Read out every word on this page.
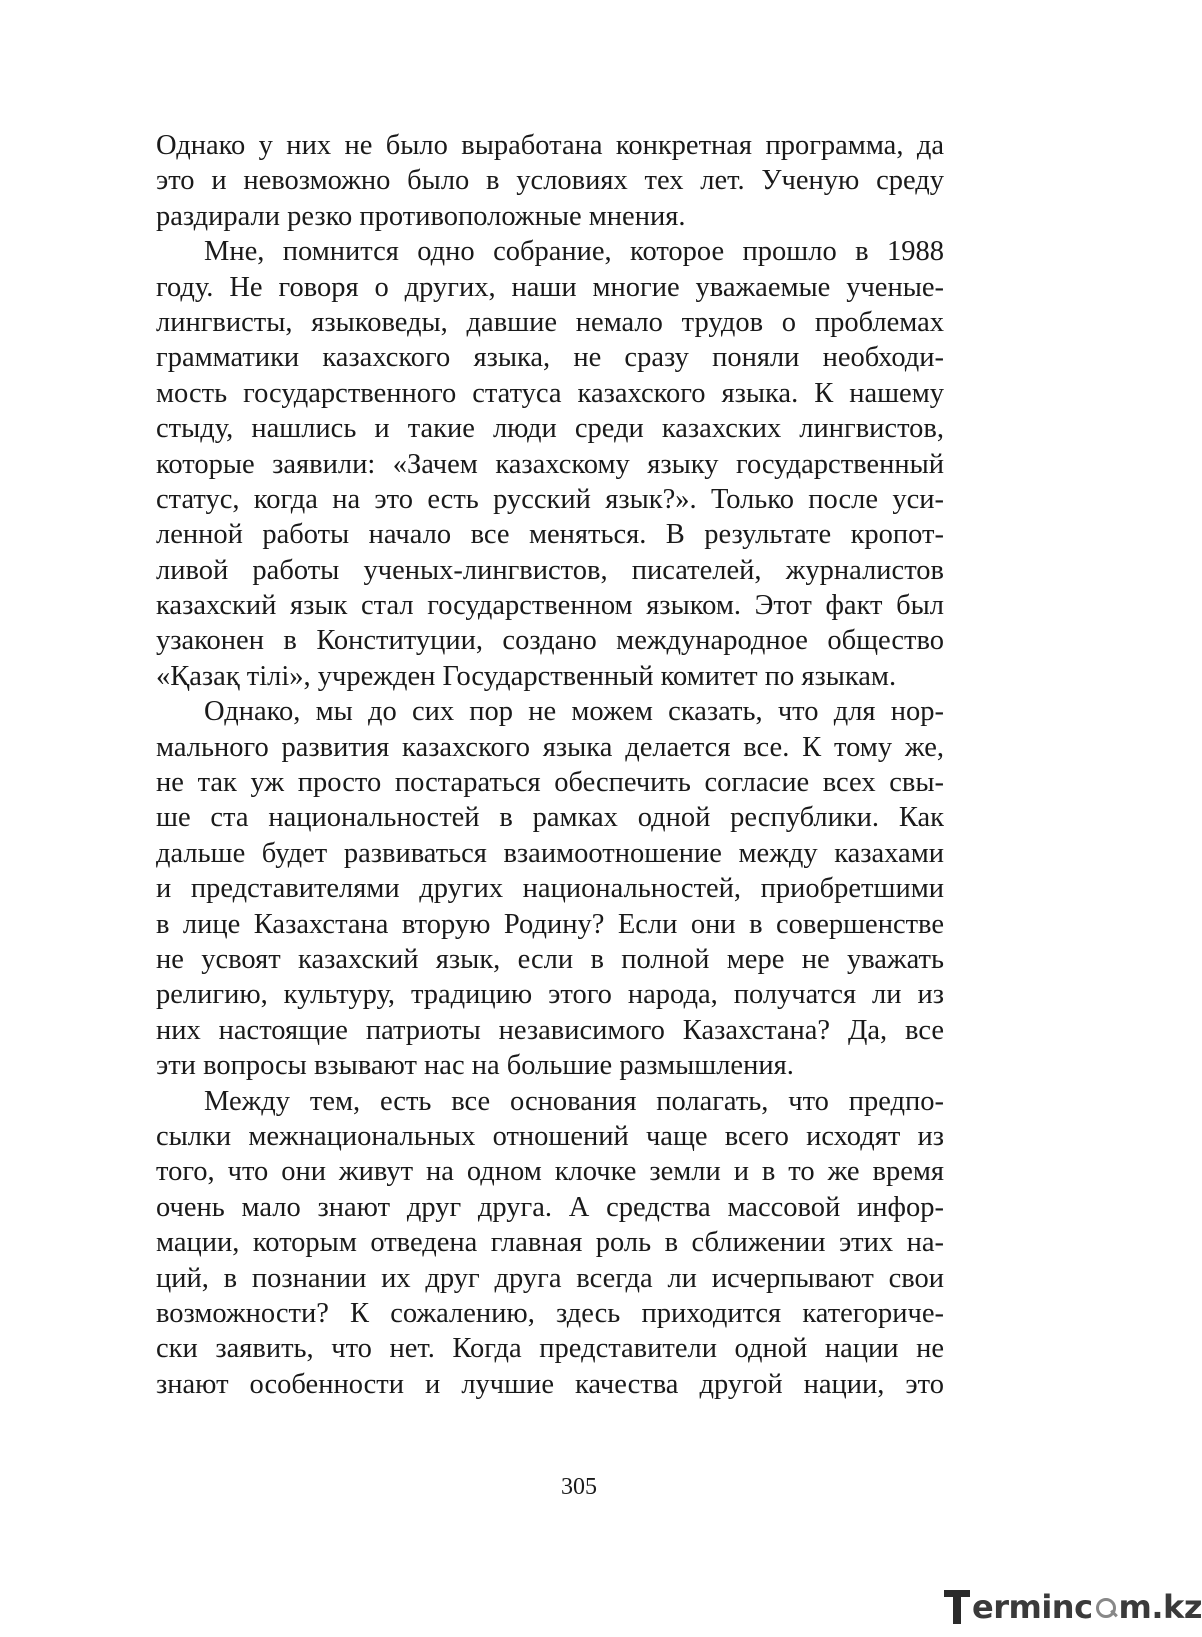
Однако у них не было выработана конкретная программа, да
это и невозможно было в условиях тех лет. Ученую среду
раздирали резко противоположные мнения.

Мне, помнится одно собрание, которое прошло в 1988
году. Не говоря о других, наши многие уважаемые ученые-
лингвисты, языковеды, давшие немало трудов о проблемах
грамматики казахского языка, не сразу поняли необходи-
мость государственного статуса казахского языка. К нашему
стыду, нашлись и такие люди среди казахских лингвистов,
которые заявили: «Зачем казахскому языку государственный
статус, когда на это есть русский язык?». Только после уси-
ленной работы начало все меняться. В результате кропот-
ливой работы ученых-лингвистов, писателей, журналистов
казахский язык стал государственном языком. Этот факт был
узаконен в Конституции, создано международное общество
«Қазақ тілі», учрежден Государственный комитет по языкам.

Однако, мы до сих пор не можем сказать, что для нор-
мального развития казахского языка делается все. К тому же,
не так уж просто постараться обеспечить согласие всех свы-
ше ста национальностей в рамках одной республики. Как
дальше будет развиваться взаимоотношение между казахами
и представителями других национальностей, приобретшими
в лице Казахстана вторую Родину? Если они в совершенстве
не усвоят казахский язык, если в полной мере не уважать
религию, культуру, традицию этого народа, получатся ли из
них настоящие патриоты независимого Казахстана? Да, все
эти вопросы взывают нас на большие размышления.

Между тем, есть все основания полагать, что предпо-
сылки межнациональных отношений чаще всего исходят из
того, что они живут на одном клочке земли и в то же время
очень мало знают друг друга. А средства массовой инфор-
мации, которым отведена главная роль в сближении этих на-
ций, в познании их друг друга всегда ли исчерпывают свои
возможности? К сожалению, здесь приходится категориче-
ски заявить, что нет. Когда представители одной нации не
знают особенности и лучшие качества другой нации, это

305
ermin c m.kz
